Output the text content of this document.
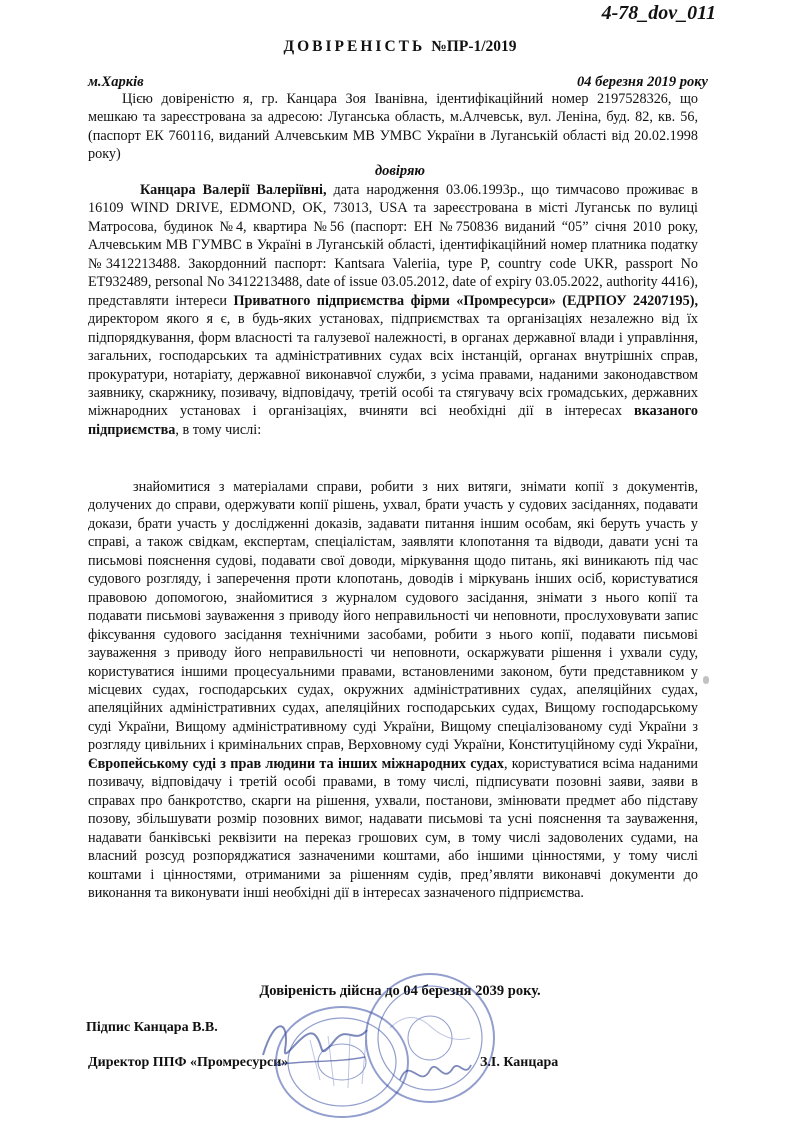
4-78_dov_011
ДОВІРЕНІСТЬ №ПР-1/2019
м.Харків	04 березня 2019 року
Цією довіреністю я, гр. Канцара Зоя Іванівна, ідентифікаційний номер 2197528326, що мешкаю та зареєстрована за адресою: Луганська область, м.Алчевськ, вул. Леніна, буд. 82, кв. 56, (паспорт ЕК 760116, виданий Алчевським МВ УМВС України в Луганській області від 20.02.1998 року)
довіряю
Канцара Валерії Валеріївні, дата народження 03.06.1993р., що тимчасово проживає в 16109 WIND DRIVE, EDMOND, OK, 73013, USA та зареєстрована в місті Луганськ по вулиці Матросова, будинок №4, квартира №56 (паспорт: ЕН №750836 виданий “05” січня 2010 року, Алчевським МВ ГУМВС в Україні в Луганській області, ідентифікаційний номер платника податку №3412213488. Закордонний паспорт: Kantsara Valeriia, type P, country code UKR, passport No ET932489, personal No 3412213488, date of issue 03.05.2012, date of expiry 03.05.2022, authority 4416), представляти інтереси Приватного підприємства фірми «Промресурси» (ЕДРПОУ 24207195), директором якого я є, в будь-яких установах, підприємствах та організаціях незалежно від їх підпорядкування, форм власності та галузевої належності, в органах державної влади і управління, загальних, господарських та адміністративних судах всіх інстанцій, органах внутрішніх справ, прокуратури, нотаріату, державної виконавчої служби, з усіма правами, наданими законодавством заявнику, скаржнику, позивачу, відповідачу, третій особі та стягувачу всіх громадських, державних міжнародних установах і організаціях, вчиняти всі необхідні дії в інтересах вказаного підприємства, в тому числі:
знайомитися з матеріалами справи, робити з них витяги, знімати копії з документів, долучених до справи, одержувати копії рішень, ухвал, брати участь у судових засіданнях, подавати докази, брати участь у дослідженні доказів, задавати питання іншим особам, які беруть участь у справі, а також свідкам, експертам, спеціалістам, заявляти клопотання та відводи, давати усні та письмові пояснення судові, подавати свої доводи, міркування щодо питань, які виникають під час судового розгляду, і заперечення проти клопотань, доводів і міркувань інших осіб, користуватися правовою допомогою, знайомитися з журналом судового засідання, знімати з нього копії та подавати письмові зауваження з приводу його неправильності чи неповноти, прослуховувати запис фіксування судового засідання технічними засобами, робити з нього копії, подавати письмові зауваження з приводу його неправильності чи неповноти, оскаржувати рішення і ухвали суду, користуватися іншими процесуальними правами, встановленими законом, бути представником у місцевих судах, господарських судах, окружних адміністративних судах, апеляційних судах, апеляційних адміністративних судах, апеляційних господарських судах, Вищому господарському суді України, Вищому адміністративному суді України, Вищому спеціалізованому суді України з розгляду цивільних і кримінальних справ, Верховному суді України, Конституційному суді України, Європейському суді з прав людини та інших міжнародних судах, користуватися всіма наданими позивачу, відповідачу і третій особі правами, в тому числі, підписувати позовні заяви, заяви в справах про банкротство, скарги на рішення, ухвали, постанови, змінювати предмет або підставу позову, збільшувати розмір позовних вимог, надавати письмові та усні пояснення та зауваження, надавати банківські реквізити на переказ грошових сум, в тому числі задоволених судами, на власний розсуд розпоряджатися зазначеними коштами, або іншими цінностями, у тому числі коштами і цінностями, отриманими за рішенням судів, пред’являти виконавчі документи до виконання та виконувати інші необхідні дії в інтересах зазначеного підприємства.
Довіреність дійсна до 04 березня 2039 року.
Підпис Канцара В.В.
Директор ППФ «Промресурси»	З.І. Канцара
